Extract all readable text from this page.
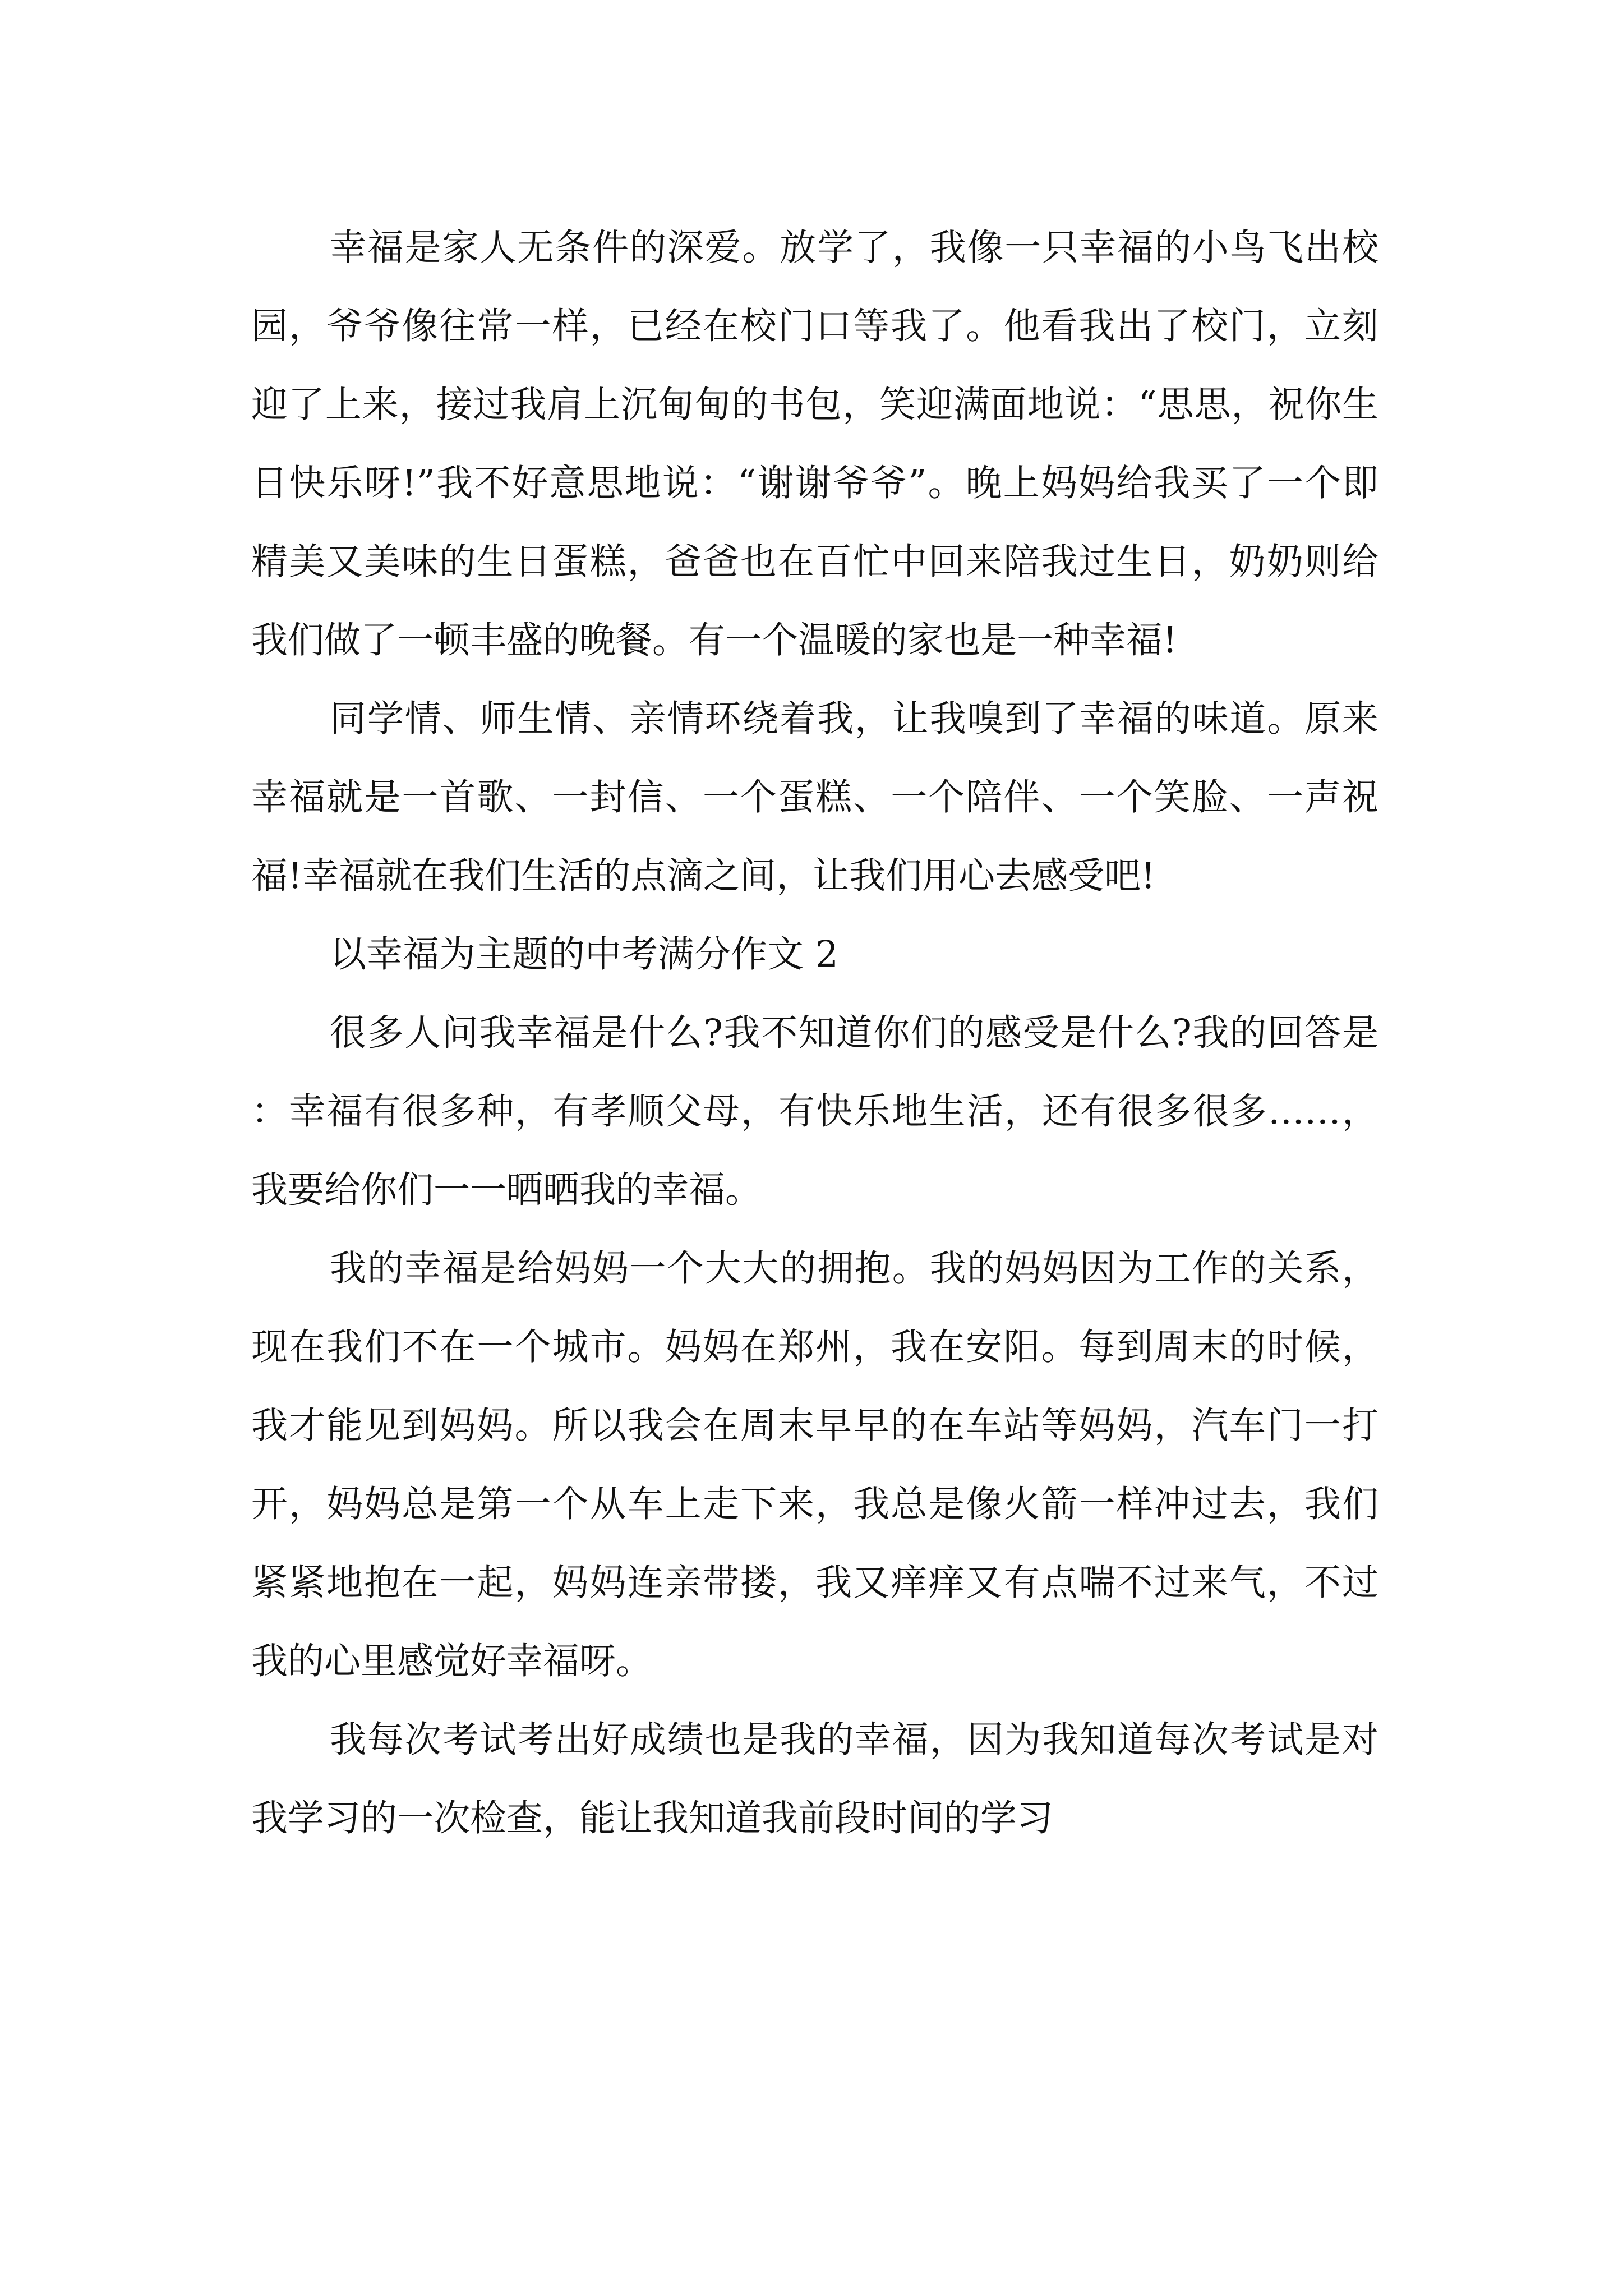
幸福是家人无条件的深爱。放学了，我像一只幸福的小鸟飞出校园，爷爷像往常一样，已经在校门口等我了。他看我出了校门，立刻迎了上来，接过我肩上沉甸甸的书包，笑迎满面地说：“思思，祝你生日快乐呀!”我不好意思地说：“谢谢爷爷”。晚上妈妈给我买了一个即精美又美味的生日蛋糕，爸爸也在百忙中回来陪我过生日，奶奶则给我们做了一顿丰盛的晚餐。有一个温暖的家也是一种幸福!

同学情、师生情、亲情环绕着我，让我嗅到了幸福的味道。原来幸福就是一首歌、一封信、一个蛋糕、一个陪伴、一个笑脸、一声祝福!幸福就在我们生活的点滴之间，让我们用心去感受吧!

以幸福为主题的中考满分作文 2

很多人问我幸福是什么?我不知道你们的感受是什么?我的回答是：幸福有很多种，有孝顺父母，有快乐地生活，还有很多很多……，我要给你们一一晒晒我的幸福。

我的幸福是给妈妈一个大大的拥抱。我的妈妈因为工作的关系，现在我们不在一个城市。妈妈在郑州，我在安阳。每到周末的时候，我才能见到妈妈。所以我会在周末早早的在车站等妈妈，汽车门一打开，妈妈总是第一个从车上走下来，我总是像火箭一样冲过去，我们紧紧地抱在一起，妈妈连亲带搂，我又痒痒又有点喘不过来气，不过我的心里感觉好幸福呀。

我每次考试考出好成绩也是我的幸福，因为我知道每次考试是对我学习的一次检查，能让我知道我前段时间的学习
